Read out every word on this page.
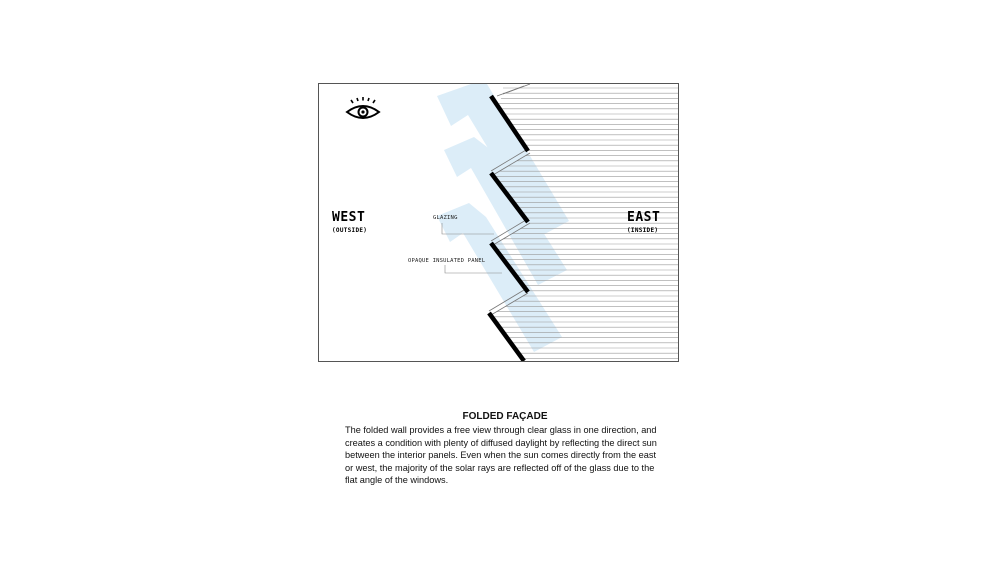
WEST
(OUTSIDE)
EAST
(INSIDE)
GLAZING
OPAQUE INSULATED PANEL
FOLDED FAÇADE
The folded wall provides a free view through clear glass in one direction, and creates a condition with plenty of diffused daylight by reflecting the direct sun between the interior panels. Even when the sun comes directly from the east or west, the majority of the solar rays are reflected off of the glass due to the flat angle of the windows.
